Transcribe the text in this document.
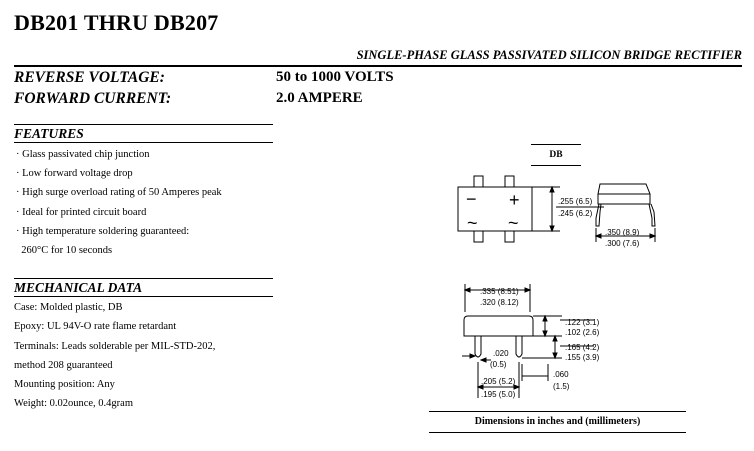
DB201 THRU DB207
SINGLE-PHASE GLASS PASSIVATED SILICON BRIDGE RECTIFIER
REVERSE VOLTAGE:	50 to 1000 VOLTS
FORWARD CURRENT:	2.0 AMPERE
FEATURES
· Glass passivated chip junction
· Low forward voltage drop
· High surge overload rating of 50 Amperes peak
· Ideal for printed circuit board
· High temperature soldering guaranteed:
260°C for 10 seconds
MECHANICAL DATA
Case: Molded plastic, DB
Epoxy: UL 94V-O rate flame retardant
Terminals: Leads solderable per MIL-STD-202,
method 208 guaranteed
Mounting position: Any
Weight: 0.02ounce, 0.4gram
DB
− +
~ ~
.255 (6.5)
.245 (6.2)
.350 (8.9)
.300 (7.6)
.335 (8.51)
.320 (8.12)
.122 (3.1)
.102 (2.6)
.165 (4.2)
.155 (3.9)
.020
(0.5)
.060
(1.5)
.205 (5.2)
.195 (5.0)
Dimensions in inches and (millimeters)
